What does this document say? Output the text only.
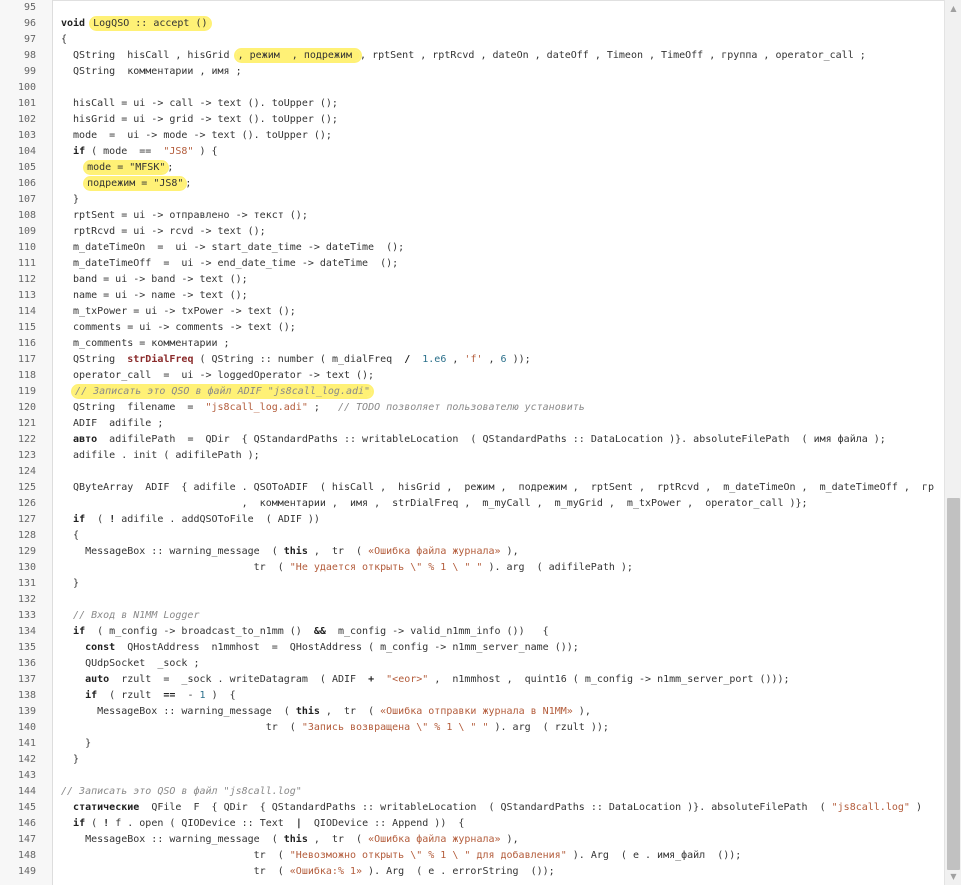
95
96	void LogQSO :: accept ()
97	{
98	QString  hisCall , hisGrid , режим  , подрежим , rptSent , rptRcvd , dateOn , dateOff , Timeon , TimeOff , группа , operator_call ;
99	QString  комментарии , имя ;
100
101	hisCall = ui -> call -> text (). toUpper ();
102	hisGrid = ui -> grid -> text (). toUpper ();
103	mode  =  ui -> mode -> text (). toUpper ();
104	if ( mode  ==  "JS8" ) {
105	mode = "MFSK" ;
106	подрежим = "JS8" ;
107	}
108	rptSent = ui -> отправлено -> текст ();
109	rptRcvd = ui -> rcvd -> text ();
110	m_dateTimeOn  =  ui -> start_date_time -> dateTime  ();
111	m_dateTimeOff  =  ui -> end_date_time -> dateTime  ();
112	band = ui -> band -> text ();
113	name = ui -> name -> text ();
114	m_txPower = ui -> txPower -> text ();
115	comments = ui -> comments -> text ();
116	m_comments = комментарии ;
117	QString  strDialFreq ( QString :: number ( m_dialFreq  / 1.e6 , 'f' , 6 ));
118	operator_call  =  ui -> loggedOperator -> text ();
119	// Записать это QSO в файл ADIF "js8call_log.adi"
120	QString  filename  =  "js8call_log.adi" ;   // TODO позволяет пользователю установить
121	ADIF  adifile ;
122	авто  adifilePath  =  QDir  { QStandardPaths :: writableLocation  ( QStandardPaths :: DataLocation )}. absoluteFilePath  ( имя файла );
123	adifile . init ( adifilePath );
124
125	QByteArray  ADIF  { adifile . QSOToADIF  ( hisCall ,  hisGrid ,  режим ,  подрежим ,  rptSent ,  rptRcvd ,  m_dateTimeOn ,  m_dateTimeOff ,  гр
126	,  комментарии ,  имя ,  strDialFreq ,  m_myCall ,  m_myGrid ,  m_txPower ,  operator_call )};
127	if  ( ! adifile . addQSOToFile  ( ADIF ))
128	{
129	MessageBox :: warning_message  ( this ,  tr  ( «Ошибка файла журнала» ),
130	tr  ( "Не удается открыть \" % 1 \ " " ). arg  ( adifilePath );
131	}
132
133	// Вход в N1MM Logger
134	if  ( m_config -> broadcast_to_n1mm ()  &&  m_config -> valid_n1mm_info ())   {
135	const  QHostAddress  n1mmhost  =  QHostAddress ( m_config -> n1mm_server_name ());
136	QUdpSocket  _sock ;
137	auto  rzult  =  _sock . writeDatagram  ( ADIF  + "<eor>" ,  n1mmhost ,  quint16 ( m_config -> n1mm_server_port ()));
138	if  ( rzult  ==  - 1 )  {
139	MessageBox :: warning_message  ( this ,  tr  ( «Ошибка отправки журнала в N1MM» ),
140	tr  ( "Запись возвращена \" % 1 \ " " ). arg  ( rzult ));
141	}
142	}
143
144	// Записать это QSO в файл "js8call.log"
145	статические  QFile  F  { QDir  { QStandardPaths :: writableLocation  ( QStandardPaths :: DataLocation )}. absoluteFilePath  ( "js8call.log" )
146	if ( ! f . open ( QIODevice :: Text  |  QIODevice :: Append ))  {
147	MessageBox :: warning_message  ( this ,  tr  ( «Ошибка файла журнала» ),
148	tr  ( "Невозможно открыть \" % 1 \ " для добавления" ). Arg  ( е . имя_файл  ());
149	tr  ( «Ошибка:% 1» ). Arg  ( е . errorString  ());
▲
▼
